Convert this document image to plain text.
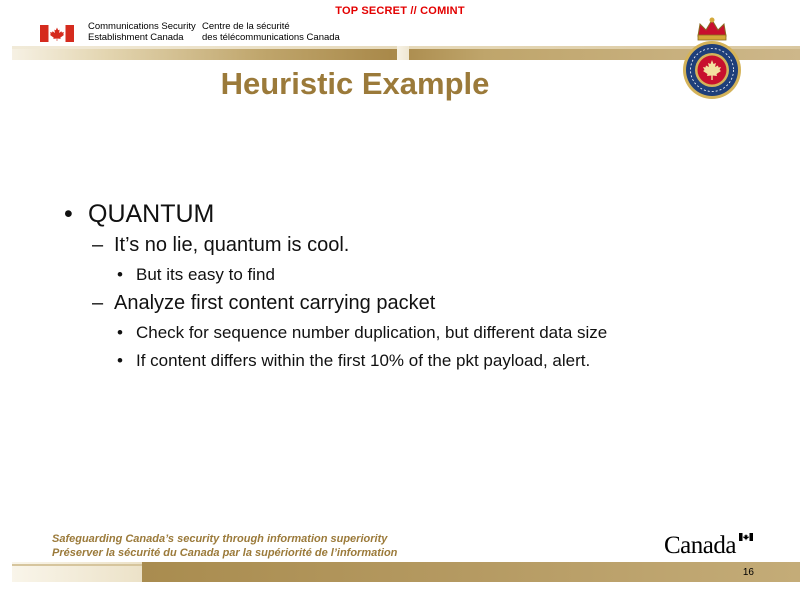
TOP SECRET // COMINT
Communications Security
Establishment Canada
Centre de la sécurité
des télécommunications Canada
Heuristic Example
• QUANTUM
– It’s no lie, quantum is cool.
• But its easy to find
– Analyze first content carrying packet
• Check for sequence number duplication, but different data size
• If content differs within the first 10% of the pkt payload, alert.
Safeguarding Canada’s security through information superiority
Préserver la sécurité du Canada par la supériorité de l’information	Canada
16
